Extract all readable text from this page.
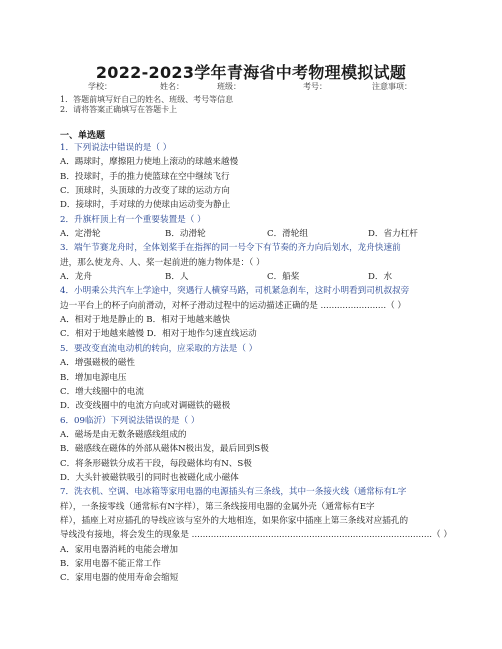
2022-2023学年青海省中考物理模拟试题
学校：	姓名：	班级：	考号：	注意事项：
1．答题前填写好自己的姓名、班级、考号等信息
2．请将答案正确填写在答题卡上
一、单选题
1．下列说法中错误的是（ ）
A．踢球时，摩擦阻力使地上滚动的球越来越慢
B．投球时，手的推力使篮球在空中继续飞行
C．顶球时，头顶球的力改变了球的运动方向
D．接球时，手对球的力使球由运动变为静止
2．升旗杆顶上有一个重要装置是（ ）
A．定滑轮	B．动滑轮	C．滑轮组	D．省力杠杆
3．端午节赛龙舟时，全体划桨手在指挥的同一号令下有节奏的齐力向后划水，龙舟快速前
进，那么使龙舟、人、桨一起前进的施力物体是：（ ）
A．龙舟	B．人	C．船桨	D．水
4．小明乘公共汽车上学途中，突遇行人横穿马路，司机紧急刹车，这时小明看到司机叔叔旁
边一平台上的杯子向前滑动，对杯子滑动过程中的运动描述正确的是 ........................（ ）
A．相对于地是静止的 B．相对于地越来越快
C．相对于地越来越慢 D．相对于地作匀速直线运动
5．要改变直流电动机的转向，应采取的方法是（ ）
A．增强磁极的磁性
B．增加电源电压
C．增大线圈中的电流
D．改变线圈中的电流方向或对调磁铁的磁极
6．09临沂）下列说法错误的是（ ）
A．磁场是由无数条磁感线组成的
B．磁感线在磁体的外部从磁体N极出发，最后回到S极
C．将条形磁铁分成若干段，每段磁体均有N、S极
D．大头针被磁铁吸引的同时也被磁化成小磁体
7．洗衣机、空调、电冰箱等家用电器的电源插头有三条线，其中一条接火线（通常标有L字
样），一条接零线（通常标有N字样），第三条线接用电器的金属外壳（通常标有E字
样），插座上对应插孔的导线应该与室外的大地相连，如果你家中插座上第三条线对应插孔的
导线没有接地，将会发生的现象是 ........................................................................................（ ）
A．家用电器消耗的电能会增加
B．家用电器不能正常工作
C．家用电器的使用寿命会缩短
